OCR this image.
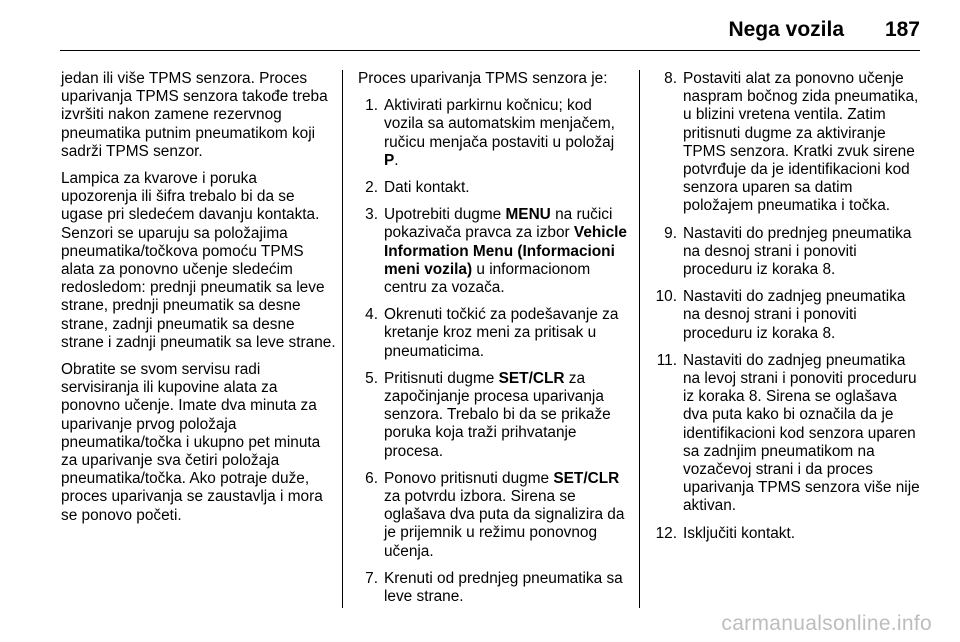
Nega vozila 187

jedan ili više TPMS senzora. Proces uparivanja TPMS senzora takođe treba izvršiti nakon zamene rezervnog pneumatika putnim pneumatikom koji sadrži TPMS senzor.

Lampica za kvarove i poruka upozorenja ili šifra trebalo bi da se ugase pri sledećem davanju kontakta. Senzori se uparuju sa položajima pneumatika/točkova pomoću TPMS alata za ponovno učenje sledećim redosledom: prednji pneumatik sa leve strane, prednji pneumatik sa desne strane, zadnji pneumatik sa desne strane i zadnji pneumatik sa leve strane.

Obratite se svom servisu radi servisiranja ili kupovine alata za ponovno učenje. Imate dva minuta za uparivanje prvog položaja pneumatika/točka i ukupno pet minuta za uparivanje sva četiri položaja pneumatika/točka. Ako potraje duže, proces uparivanja se zaustavlja i mora se ponovo početi.

Proces uparivanja TPMS senzora je:

1. Aktivirati parkirnu kočnicu; kod vozila sa automatskim menjačem, ručicu menjača postaviti u položaj P.
2. Dati kontakt.
3. Upotrebiti dugme MENU na ručici pokazivača pravca za izbor Vehicle Information Menu (Informacioni meni vozila) u informacionom centru za vozača.
4. Okrenuti točkić za podešavanje za kretanje kroz meni za pritisak u pneumaticima.
5. Pritisnuti dugme SET/CLR za započinjanje procesa uparivanja senzora. Trebalo bi da se prikaže poruka koja traži prihvatanje procesa.
6. Ponovo pritisnuti dugme SET/CLR za potvrdu izbora. Sirena se oglašava dva puta da signalizira da je prijemnik u režimu ponovnog učenja.
7. Krenuti od prednjeg pneumatika sa leve strane.
8. Postaviti alat za ponovno učenje naspram bočnog zida pneumatika, u blizini vretena ventila. Zatim pritisnuti dugme za aktiviranje TPMS senzora. Kratki zvuk sirene potvrđuje da je identifikacioni kod senzora uparen sa datim položajem pneumatika i točka.
9. Nastaviti do prednjeg pneumatika na desnoj strani i ponoviti proceduru iz koraka 8.
10. Nastaviti do zadnjeg pneumatika na desnoj strani i ponoviti proceduru iz koraka 8.
11. Nastaviti do zadnjeg pneumatika na levoj strani i ponoviti proceduru iz koraka 8. Sirena se oglašava dva puta kako bi označila da je identifikacioni kod senzora uparen sa zadnjim pneumatikom na vozačevoj strani i da proces uparivanja TPMS senzora više nije aktivan.
12. Isključiti kontakt.
carmanualsonline.info
